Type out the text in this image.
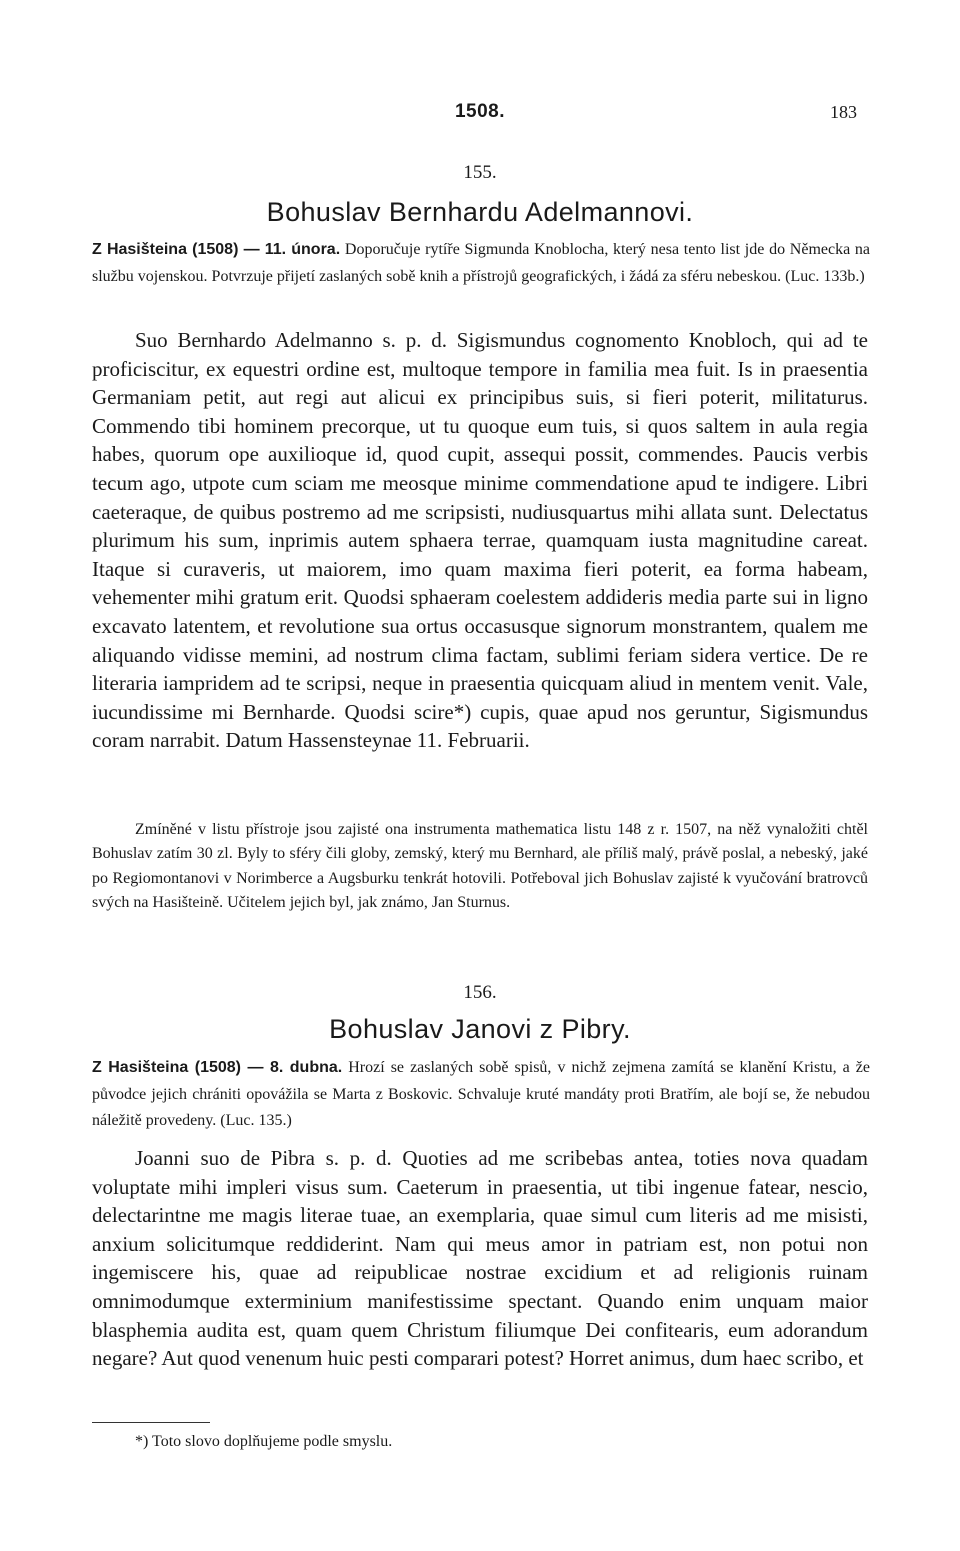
1508.	183
155.
Bohuslav Bernhardu Adelmannovi.
Z Hasišteina (1508) — 11. února. Doporučuje rytíře Sigmunda Knoblocha, který nesa tento list jde do Německa na službu vojenskou. Potvrzuje přijetí zaslaných sobě knih a přístrojů geografických, i žádá za sféru nebeskou. (Luc. 133b.)
Suo Bernhardo Adelmanno s. p. d. Sigismundus cognomento Knobloch, qui ad te proficiscitur, ex equestri ordine est, multoque tempore in familia mea fuit. Is in praesentia Germaniam petit, aut regi aut alicui ex principibus suis, si fieri poterit, militaturus. Commendo tibi hominem precorque, ut tu quoque eum tuis, si quos saltem in aula regia habes, quorum ope auxilioque id, quod cupit, assequi possit, commendes. Paucis verbis tecum ago, utpote cum sciam me meosque minime commendatione apud te indigere. Libri caeteraque, de quibus postremo ad me scripsisti, nudiusquartus mihi allata sunt. Delectatus plurimum his sum, inprimis autem sphaera terrae, quamquam iusta magnitudine careat. Itaque si curaveris, ut maiorem, imo quam maxima fieri poterit, ea forma habeam, vehementer mihi gratum erit. Quodsi sphaeram coelestem addideris media parte sui in ligno excavato latentem, et revolutione sua ortus occasusque signorum monstrantem, qualem me aliquando vidisse memini, ad nostrum clima factam, sublimi feriam sidera vertice. De re literaria iampridem ad te scripsi, neque in praesentia quicquam aliud in mentem venit. Vale, iucundissime mi Bernharde. Quodsi scire*) cupis, quae apud nos geruntur, Sigismundus coram narrabit. Datum Hassensteynae 11. Februarii.
Zmíněné v listu přístroje jsou zajisté ona instrumenta mathematica listu 148 z r. 1507, na něž vynaložiti chtěl Bohuslav zatím 30 zl. Byly to sféry čili globy, zemský, který mu Bernhard, ale příliš malý, právě poslal, a nebeský, jaké po Regiomontanovi v Norimberce a Augsburku tenkrát hotovili. Potřeboval jich Bohuslav zajisté k vyučování bratrovců svých na Hasišteině. Učitelem jejich byl, jak známo, Jan Sturnus.
156.
Bohuslav Janovi z Pibry.
Z Hasišteina (1508) — 8. dubna. Hrozí se zaslaných sobě spisů, v nichž zejmena zamítá se klanění Kristu, a že původce jejich chrániti opovážila se Marta z Boskovic. Schvaluje kruté mandáty proti Bratřím, ale bojí se, že nebudou náležitě provedeny. (Luc. 135.)
Joanni suo de Pibra s. p. d. Quoties ad me scribebas antea, toties nova quadam voluptate mihi impleri visus sum. Caeterum in praesentia, ut tibi ingenue fatear, nescio, delectarintne me magis literae tuae, an exemplaria, quae simul cum literis ad me misisti, anxium solicitumque reddiderint. Nam qui meus amor in patriam est, non potui non ingemiscere his, quae ad reipublicae nostrae excidium et ad religionis ruinam omnimodumque exterminium manifestissime spectant. Quando enim unquam maior blasphemia audita est, quam quem Christum filiumque Dei confitearis, eum adorandum negare? Aut quod venenum huic pesti comparari potest? Horret animus, dum haec scribo, et
*) Toto slovo doplňujeme podle smyslu.
